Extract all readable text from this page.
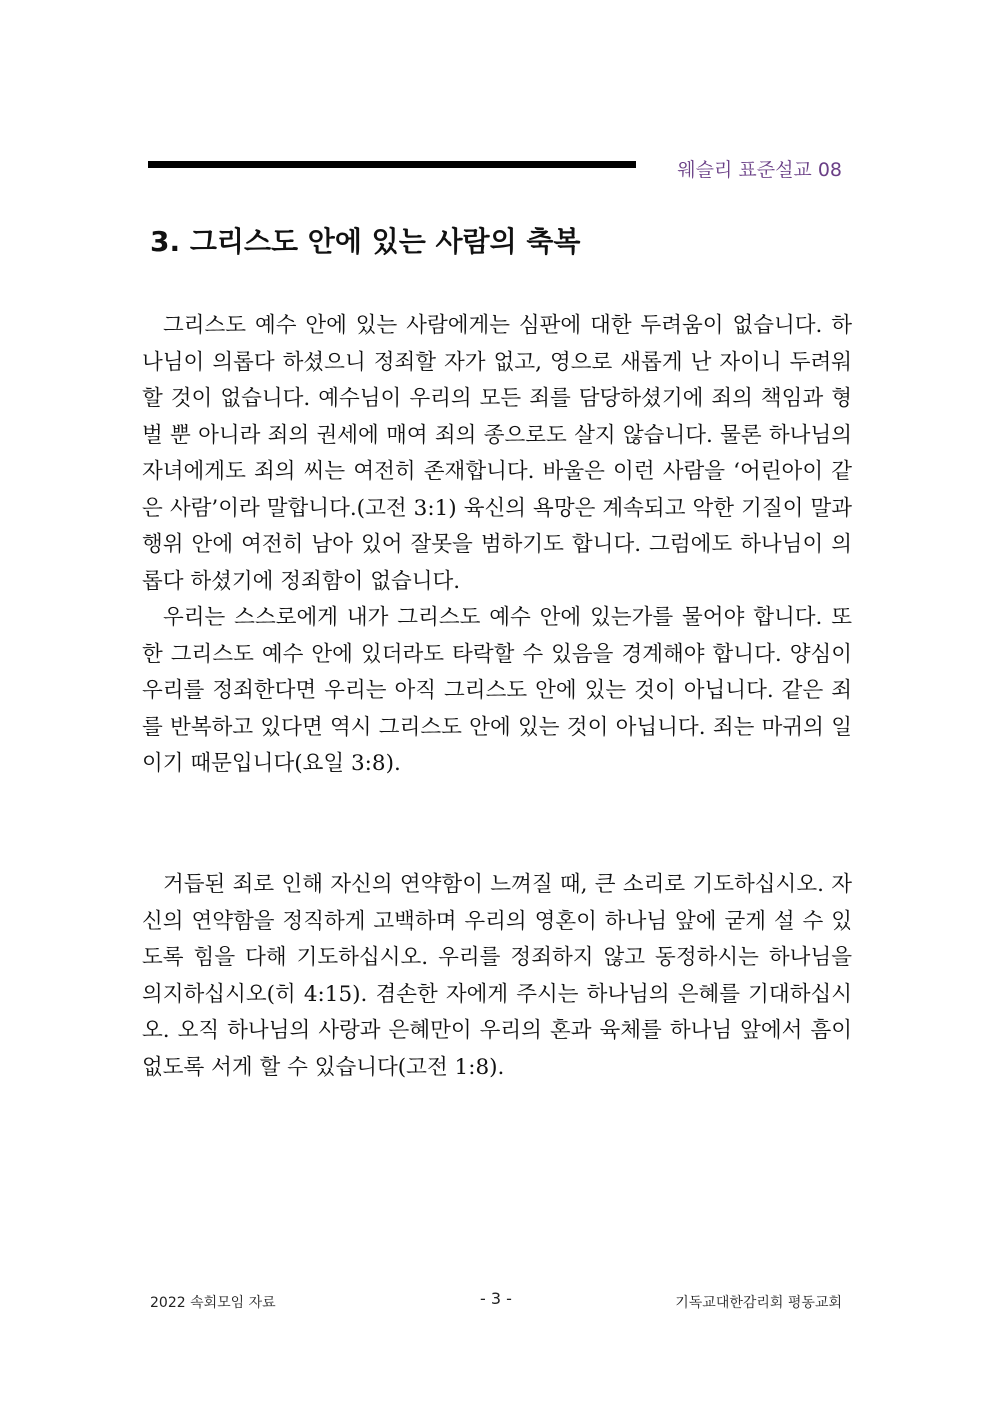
웨슬리 표준설교 08
3. 그리스도 안에 있는 사람의 축복

그리스도 예수 안에 있는 사람에게는 심판에 대한 두려움이 없습니다. 하나님이 의롭다 하셨으니 정죄할 자가 없고, 영으로 새롭게 난 자이니 두려워 할 것이 없습니다. 예수님이 우리의 모든 죄를 담당하셨기에 죄의 책임과 형벌 뿐 아니라 죄의 권세에 매여 죄의 종으로도 살지 않습니다. 물론 하나님의 자녀에게도 죄의 씨는 여전히 존재합니다. 바울은 이런 사람을 ‘어린아이 같은 사람’이라 말합니다.(고전 3:1) 육신의 욕망은 계속되고 악한 기질이 말과 행위 안에 여전히 남아 있어 잘못을 범하기도 합니다. 그럼에도 하나님이 의롭다 하셨기에 정죄함이 없습니다.

우리는 스스로에게 내가 그리스도 예수 안에 있는가를 물어야 합니다. 또한 그리스도 예수 안에 있더라도 타락할 수 있음을 경계해야 합니다. 양심이 우리를 정죄한다면 우리는 아직 그리스도 안에 있는 것이 아닙니다. 같은 죄를 반복하고 있다면 역시 그리스도 안에 있는 것이 아닙니다. 죄는 마귀의 일이기 때문입니다(요일 3:8).

거듭된 죄로 인해 자신의 연약함이 느껴질 때, 큰 소리로 기도하십시오. 자신의 연약함을 정직하게 고백하며 우리의 영혼이 하나님 앞에 굳게 설 수 있도록 힘을 다해 기도하십시오. 우리를 정죄하지 않고 동정하시는 하나님을 의지하십시오(히 4:15). 겸손한 자에게 주시는 하나님의 은혜를 기대하십시오. 오직 하나님의 사랑과 은혜만이 우리의 혼과 육체를 하나님 앞에서 흠이 없도록 서게 할 수 있습니다(고전 1:8).

2022 속회모임 자료	- 3 -	기독교대한감리회 평동교회
